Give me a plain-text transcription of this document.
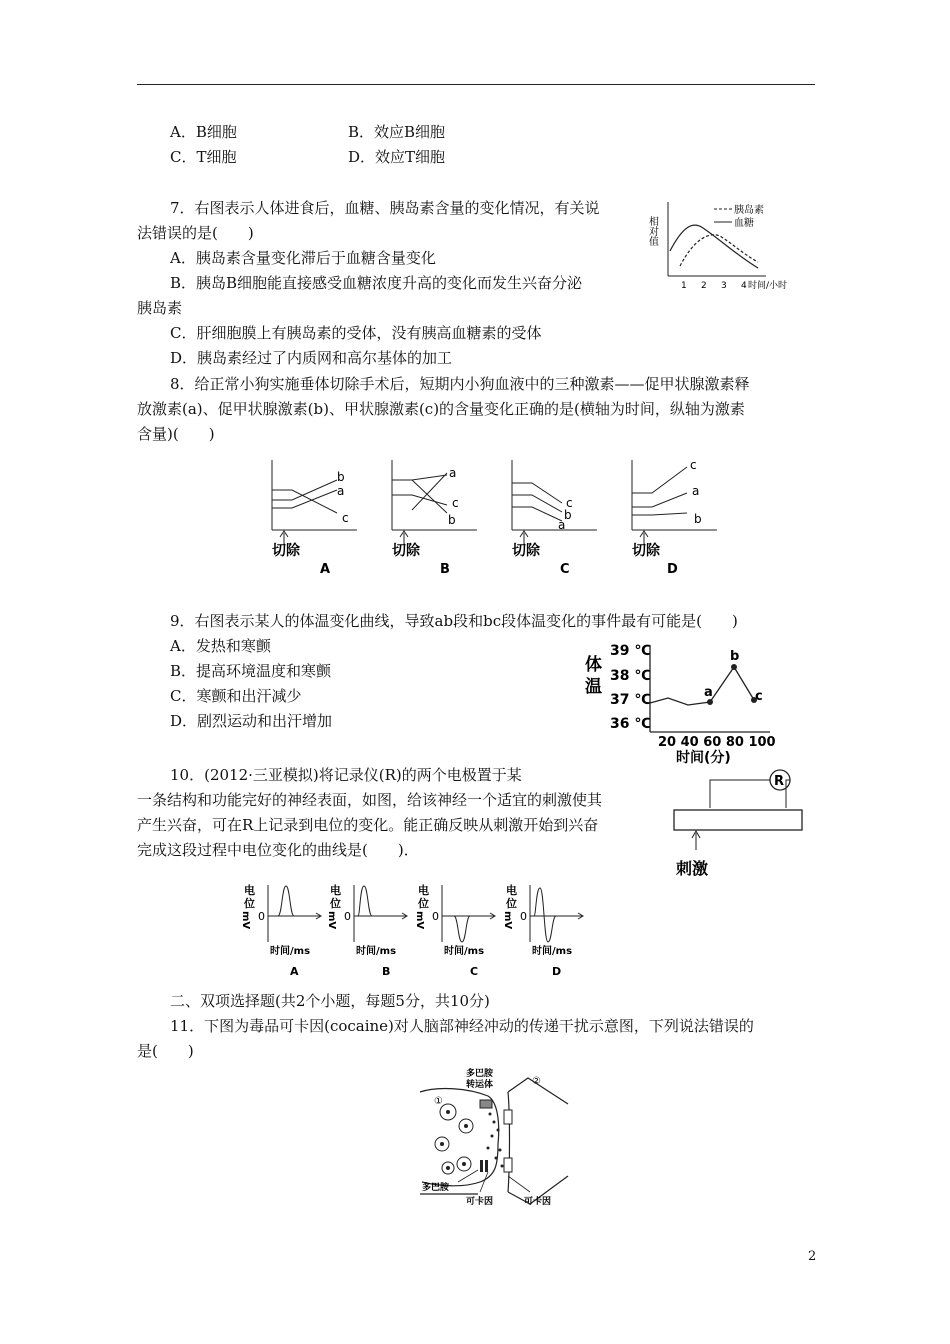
A．B细胞	B．效应B细胞
C．T细胞	D．效应T细胞
7．右图表示人体进食后，血糖、胰岛素含量的变化情况，有关说
法错误的是(　　)
A．胰岛素含量变化滞后于血糖含量变化
B．胰岛B细胞能直接感受血糖浓度升高的变化而发生兴奋分泌
胰岛素
C．肝细胞膜上有胰岛素的受体，没有胰高血糖素的受体
D．胰岛素经过了内质网和高尔基体的加工
相对值
胰岛素
血糖
1 2 3 4 时间/小时
8．给正常小狗实施垂体切除手术后，短期内小狗血液中的三种激素——促甲状腺激素释
放激素(a)、促甲状腺激素(b)、甲状腺激素(c)的含量变化正确的是(横轴为时间，纵轴为激素
含量)(　　)
b
a
c
切除
A
a
c
b
切除
B
c
b
a
切除
C
c
a
b
切除
D
9．右图表示某人的体温变化曲线，导致ab段和bc段体温变化的事件最有可能是(　　)
A．发热和寒颤
B．提高环境温度和寒颤
C．寒颤和出汗减少
D．剧烈运动和出汗增加
体
温
39 ℃
38 ℃
37 ℃
36 ℃
a
b
c
20 40 60 80 100
时间(分)
10．(2012·三亚模拟)将记录仪(R)的两个电极置于某
一条结构和功能完好的神经表面，如图，给该神经一个适宜的刺激使其
产生兴奋，可在R上记录到电位的变化。能正确反映从刺激开始到兴奋
完成这段过程中电位变化的曲线是(　　)．
R
刺激
电
位
mV 0
时间/ms
A
电
位
mV 0
时间/ms
B
电
位
mV 0
时间/ms
C
电
位
mV 0
时间/ms
D
二、双项选择题(共2个小题，每题5分，共10分)
11．下图为毒品可卡因(cocaine)对人脑部神经冲动的传递干扰示意图，下列说法错误的
是(　　)
多巴胺
转运体	②
①
多巴胺
可卡因	可卡因
2
